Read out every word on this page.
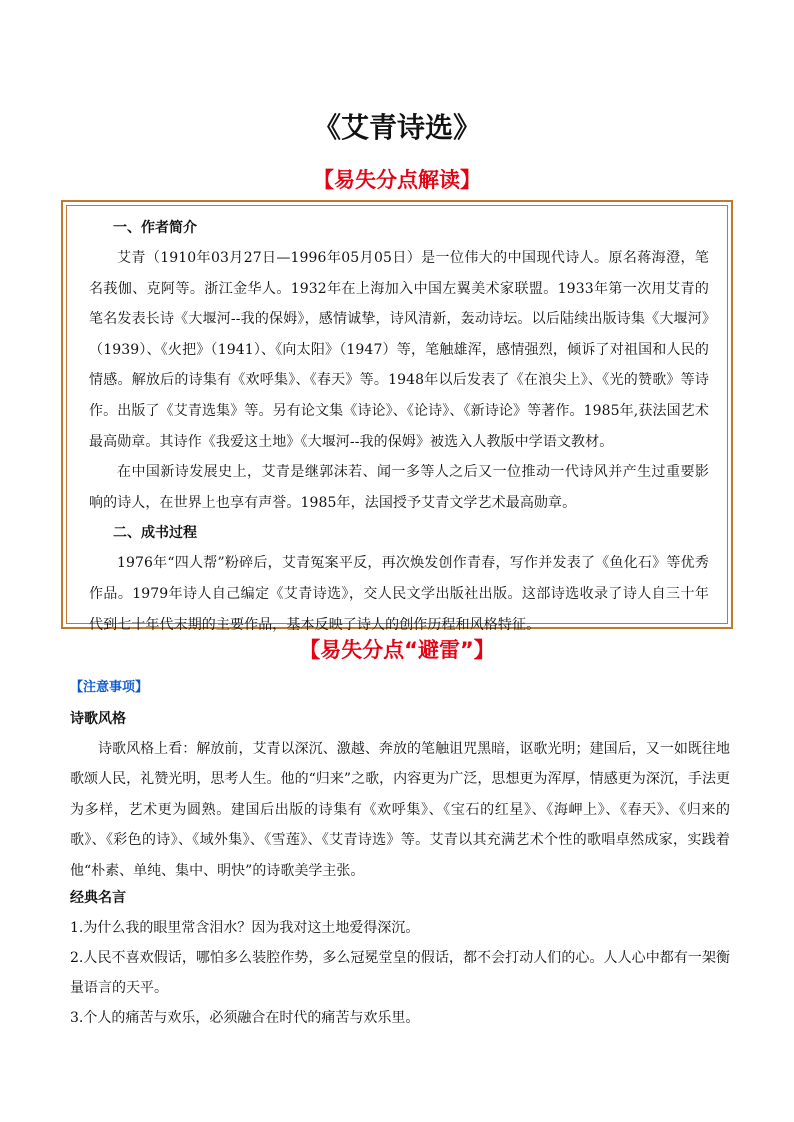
《艾青诗选》
【易失分点解读】

一、作者简介

艾青（1910年03月27日—1996年05月05日）是一位伟大的中国现代诗人。原名蒋海澄，笔名莪伽、克阿等。浙江金华人。1932年在上海加入中国左翼美术家联盟。1933年第一次用艾青的笔名发表长诗《大堰河--我的保姆》，感情诚挚，诗风清新，轰动诗坛。以后陆续出版诗集《大堰河》（1939）、《火把》（1941）、《向太阳》（1947）等，笔触雄浑，感情强烈，倾诉了对祖国和人民的情感。解放后的诗集有《欢呼集》、《春天》等。1948年以后发表了《在浪尖上》、《光的赞歌》等诗作。出版了《艾青选集》等。另有论文集《诗论》、《论诗》、《新诗论》等著作。1985年,获法国艺术最高勋章。其诗作《我爱这土地》《大堰河--我的保姆》被选入人教版中学语文教材。

在中国新诗发展史上，艾青是继郭沫若、闻一多等人之后又一位推动一代诗风并产生过重要影响的诗人，在世界上也享有声誉。1985年，法国授予艾青文学艺术最高勋章。

二、成书过程

1976年“四人帮”粉碎后，艾青冤案平反，再次焕发创作青春，写作并发表了《鱼化石》等优秀作品。1979年诗人自己编定《艾青诗选》，交人民文学出版社出版。这部诗选收录了诗人自三十年代到七十年代末期的主要作品，基本反映了诗人的创作历程和风格特征。

【易失分点“避雷”】
【注意事项】

诗歌风格

诗歌风格上看：解放前，艾青以深沉、激越、奔放的笔触诅咒黑暗，讴歌光明；建国后，又一如既往地歌颂人民，礼赞光明，思考人生。他的“归来”之歌，内容更为广泛，思想更为浑厚，情感更为深沉，手法更为多样，艺术更为圆熟。建国后出版的诗集有《欢呼集》、《宝石的红星》、《海岬上》、《春天》、《归来的歌》、《彩色的诗》、《域外集》、《雪莲》、《艾青诗选》等。艾青以其充满艺术个性的歌唱卓然成家，实践着他“朴素、单纯、集中、明快”的诗歌美学主张。

经典名言

1.为什么我的眼里常含泪水？因为我对这土地爱得深沉。

2.人民不喜欢假话，哪怕多么装腔作势，多么冠冕堂皇的假话，都不会打动人们的心。人人心中都有一架衡量语言的天平。

3.个人的痛苦与欢乐，必须融合在时代的痛苦与欢乐里。
